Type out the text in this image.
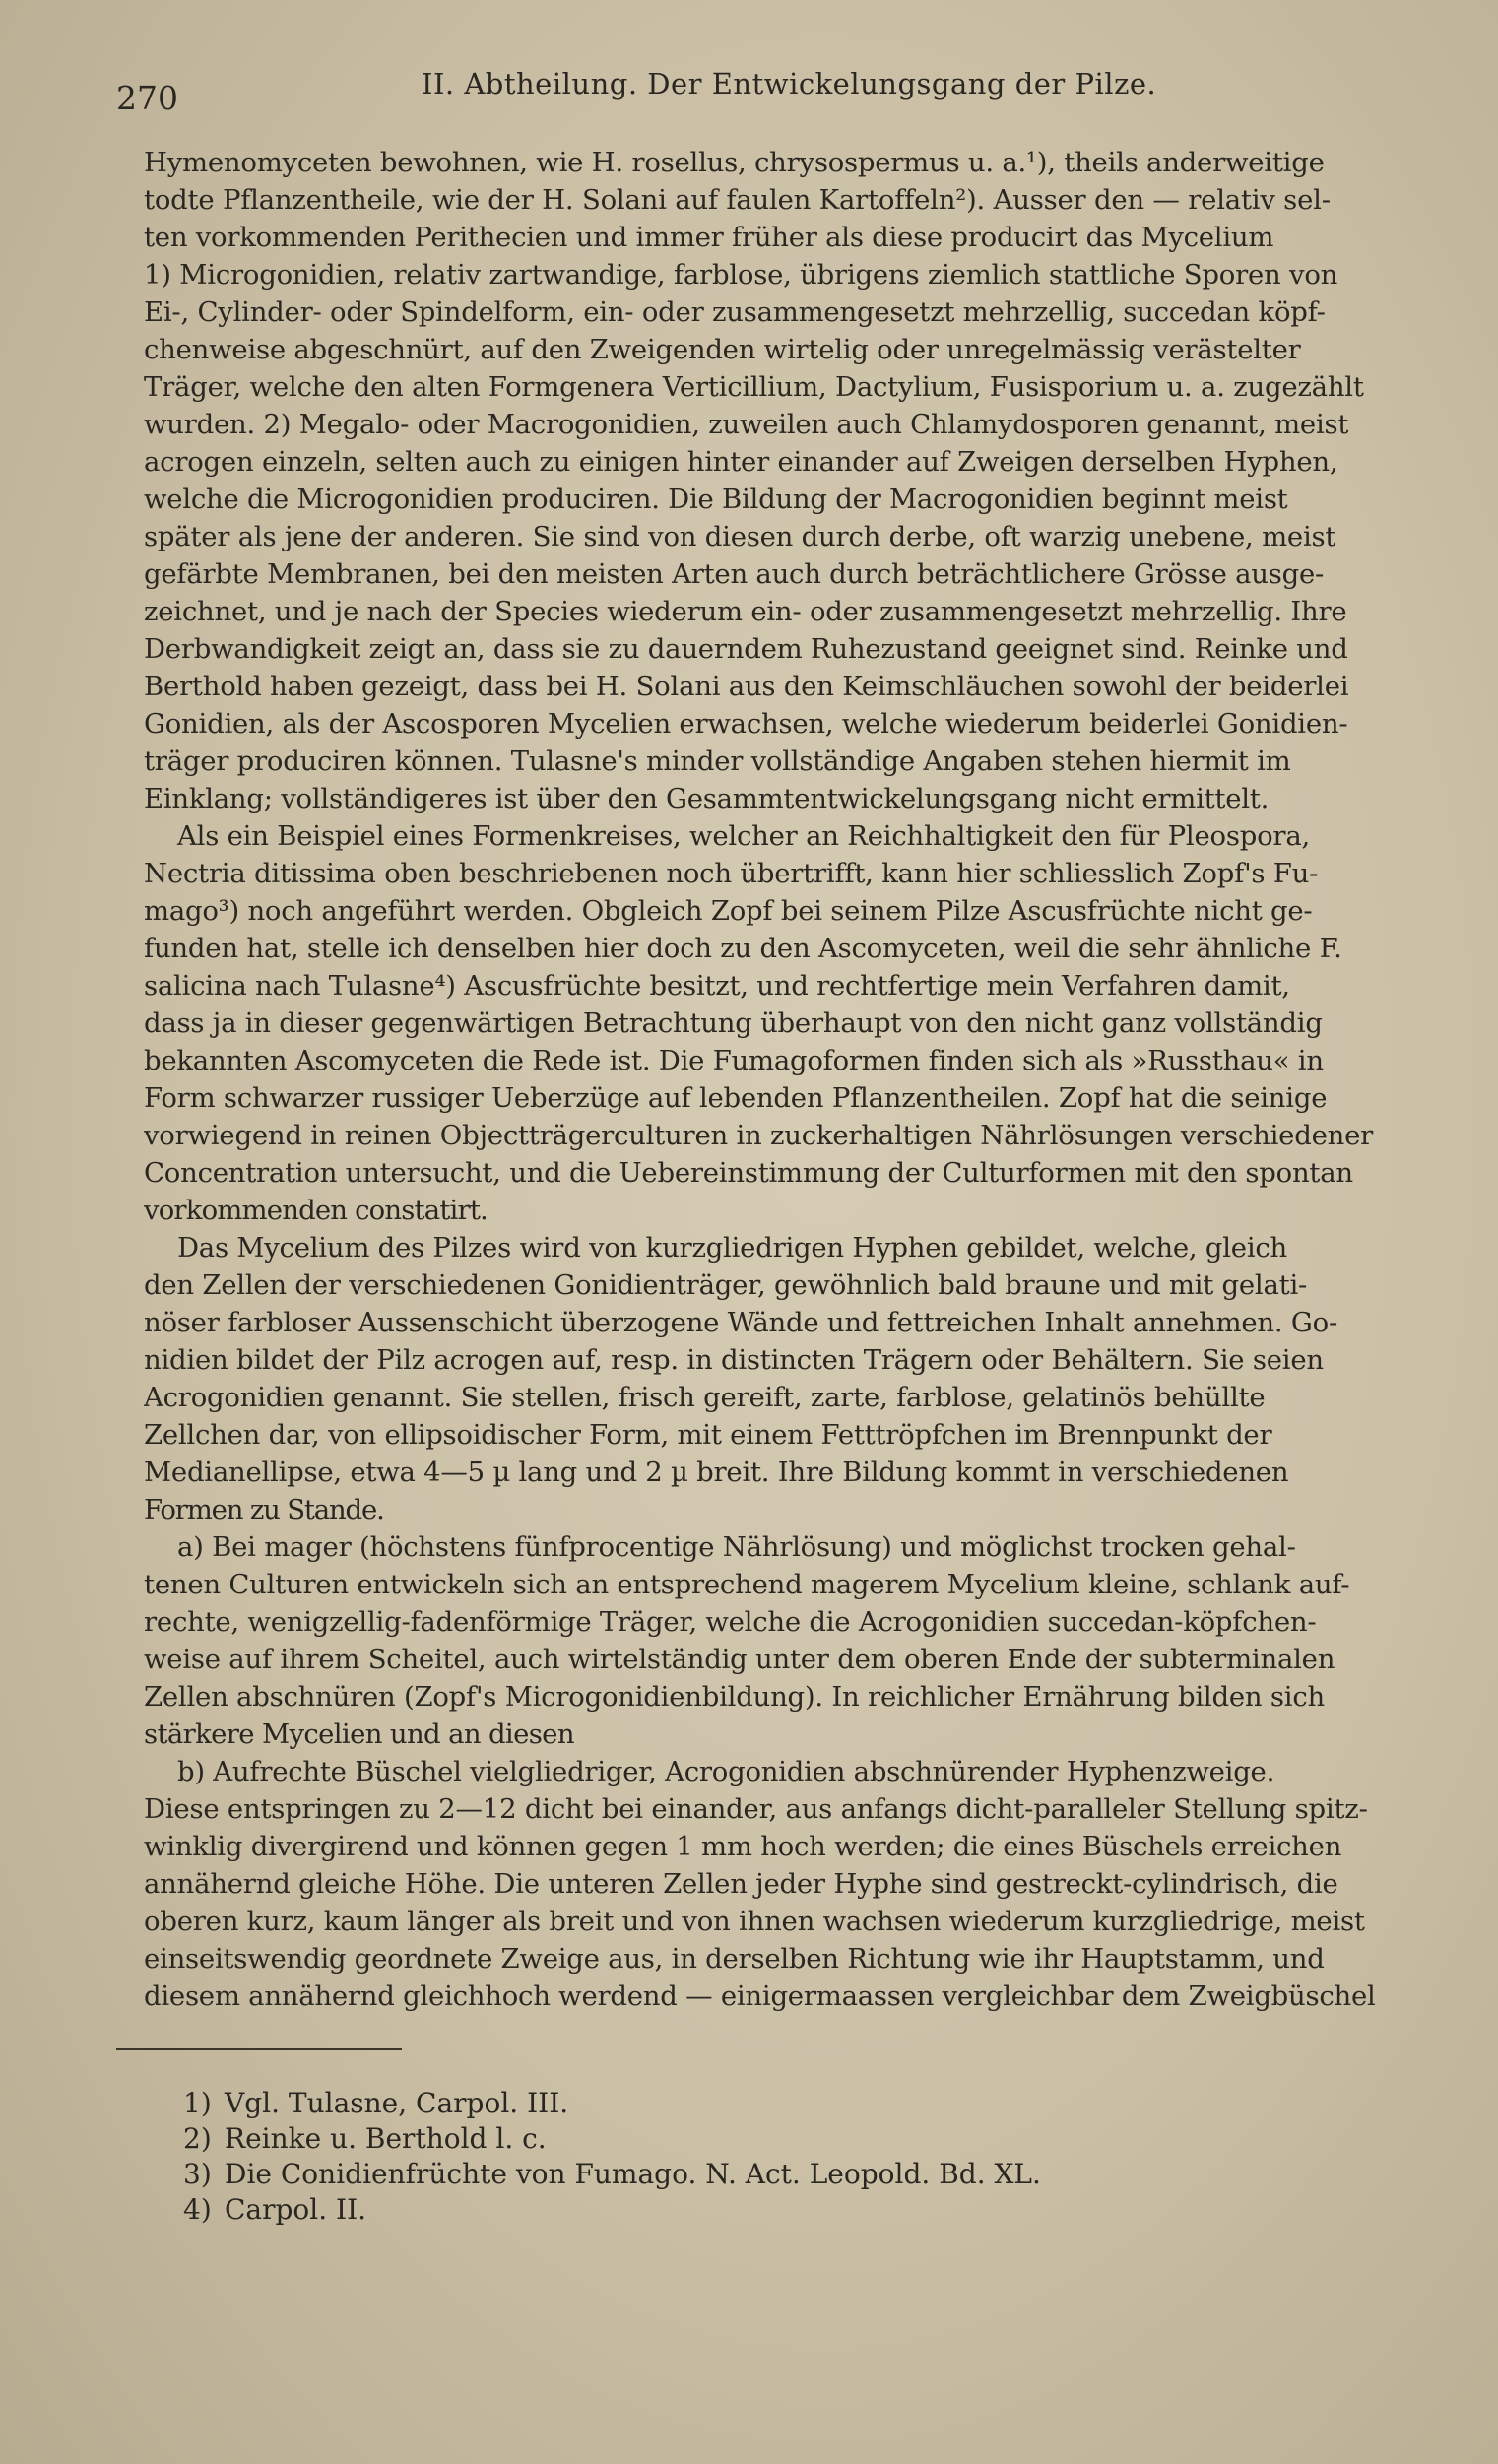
270	II. Abtheilung. Der Entwickelungsgang der Pilze.
Hymenomyceten bewohnen, wie H. rosellus, chrysospermus u. a.¹), theils anderweitige
todte Pflanzentheile, wie der H. Solani auf faulen Kartoffeln²). Ausser den — relativ sel-
ten vorkommenden Perithecien und immer früher als diese producirt das Mycelium
1) Microgonidien, relativ zartwandige, farblose, übrigens ziemlich stattliche Sporen von
Ei-, Cylinder- oder Spindelform, ein- oder zusammengesetzt mehrzellig, succedan köpf-
chenweise abgeschnürt, auf den Zweigenden wirtelig oder unregelmässig verästelter
Träger, welche den alten Formgenera Verticillium, Dactylium, Fusisporium u. a. zugezählt
wurden. 2) Megalo- oder Macrogonidien, zuweilen auch Chlamydosporen genannt, meist
acrogen einzeln, selten auch zu einigen hinter einander auf Zweigen derselben Hyphen,
welche die Microgonidien produciren. Die Bildung der Macrogonidien beginnt meist
später als jene der anderen. Sie sind von diesen durch derbe, oft warzig unebene, meist
gefärbte Membranen, bei den meisten Arten auch durch beträchtlichere Grösse ausge-
zeichnet, und je nach der Species wiederum ein- oder zusammengesetzt mehrzellig. Ihre
Derbwandigkeit zeigt an, dass sie zu dauerndem Ruhezustand geeignet sind. Reinke und
Berthold haben gezeigt, dass bei H. Solani aus den Keimschläuchen sowohl der beiderlei
Gonidien, als der Ascosporen Mycelien erwachsen, welche wiederum beiderlei Gonidien-
träger produciren können. Tulasne's minder vollständige Angaben stehen hiermit im
Einklang; vollständigeres ist über den Gesammtentwickelungsgang nicht ermittelt.
Als ein Beispiel eines Formenkreises, welcher an Reichhaltigkeit den für Pleospora,
Nectria ditissima oben beschriebenen noch übertrifft, kann hier schliesslich Zopf's Fu-
mago³) noch angeführt werden. Obgleich Zopf bei seinem Pilze Ascusfrüchte nicht ge-
funden hat, stelle ich denselben hier doch zu den Ascomyceten, weil die sehr ähnliche F.
salicina nach Tulasne⁴) Ascusfrüchte besitzt, und rechtfertige mein Verfahren damit,
dass ja in dieser gegenwärtigen Betrachtung überhaupt von den nicht ganz vollständig
bekannten Ascomyceten die Rede ist. Die Fumagoformen finden sich als »Russthau« in
Form schwarzer russiger Ueberzüge auf lebenden Pflanzentheilen. Zopf hat die seinige
vorwiegend in reinen Objectträgerculturen in zuckerhaltigen Nährlösungen verschiedener
Concentration untersucht, und die Uebereinstimmung der Culturformen mit den spontan
vorkommenden constatirt.
Das Mycelium des Pilzes wird von kurzgliedrigen Hyphen gebildet, welche, gleich
den Zellen der verschiedenen Gonidienträger, gewöhnlich bald braune und mit gelati-
nöser farbloser Aussenschicht überzogene Wände und fettreichen Inhalt annehmen. Go-
nidien bildet der Pilz acrogen auf, resp. in distincten Trägern oder Behältern. Sie seien
Acrogonidien genannt. Sie stellen, frisch gereift, zarte, farblose, gelatinös behüllte
Zellchen dar, von ellipsoidischer Form, mit einem Fetttröpfchen im Brennpunkt der
Medianellipse, etwa 4—5 µ lang und 2 µ breit. Ihre Bildung kommt in verschiedenen
Formen zu Stande.
a) Bei mager (höchstens fünfprocentige Nährlösung) und möglichst trocken gehal-
tenen Culturen entwickeln sich an entsprechend magerem Mycelium kleine, schlank auf-
rechte, wenigzellig-fadenförmige Träger, welche die Acrogonidien succedan-köpfchen-
weise auf ihrem Scheitel, auch wirtelständig unter dem oberen Ende der subterminalen
Zellen abschnüren (Zopf's Microgonidienbildung). In reichlicher Ernährung bilden sich
stärkere Mycelien und an diesen
b) Aufrechte Büschel vielgliedriger, Acrogonidien abschnürender Hyphenzweige.
Diese entspringen zu 2—12 dicht bei einander, aus anfangs dicht-paralleler Stellung spitz-
winklig divergirend und können gegen 1 mm hoch werden; die eines Büschels erreichen
annähernd gleiche Höhe. Die unteren Zellen jeder Hyphe sind gestreckt-cylindrisch, die
oberen kurz, kaum länger als breit und von ihnen wachsen wiederum kurzgliedrige, meist
einseitswendig geordnete Zweige aus, in derselben Richtung wie ihr Hauptstamm, und
diesem annähernd gleichhoch werdend — einigermaassen vergleichbar dem Zweigbüschel
1) Vgl. Tulasne, Carpol. III.
2) Reinke u. Berthold l. c.
3) Die Conidienfrüchte von Fumago. N. Act. Leopold. Bd. XL.
4) Carpol. II.
